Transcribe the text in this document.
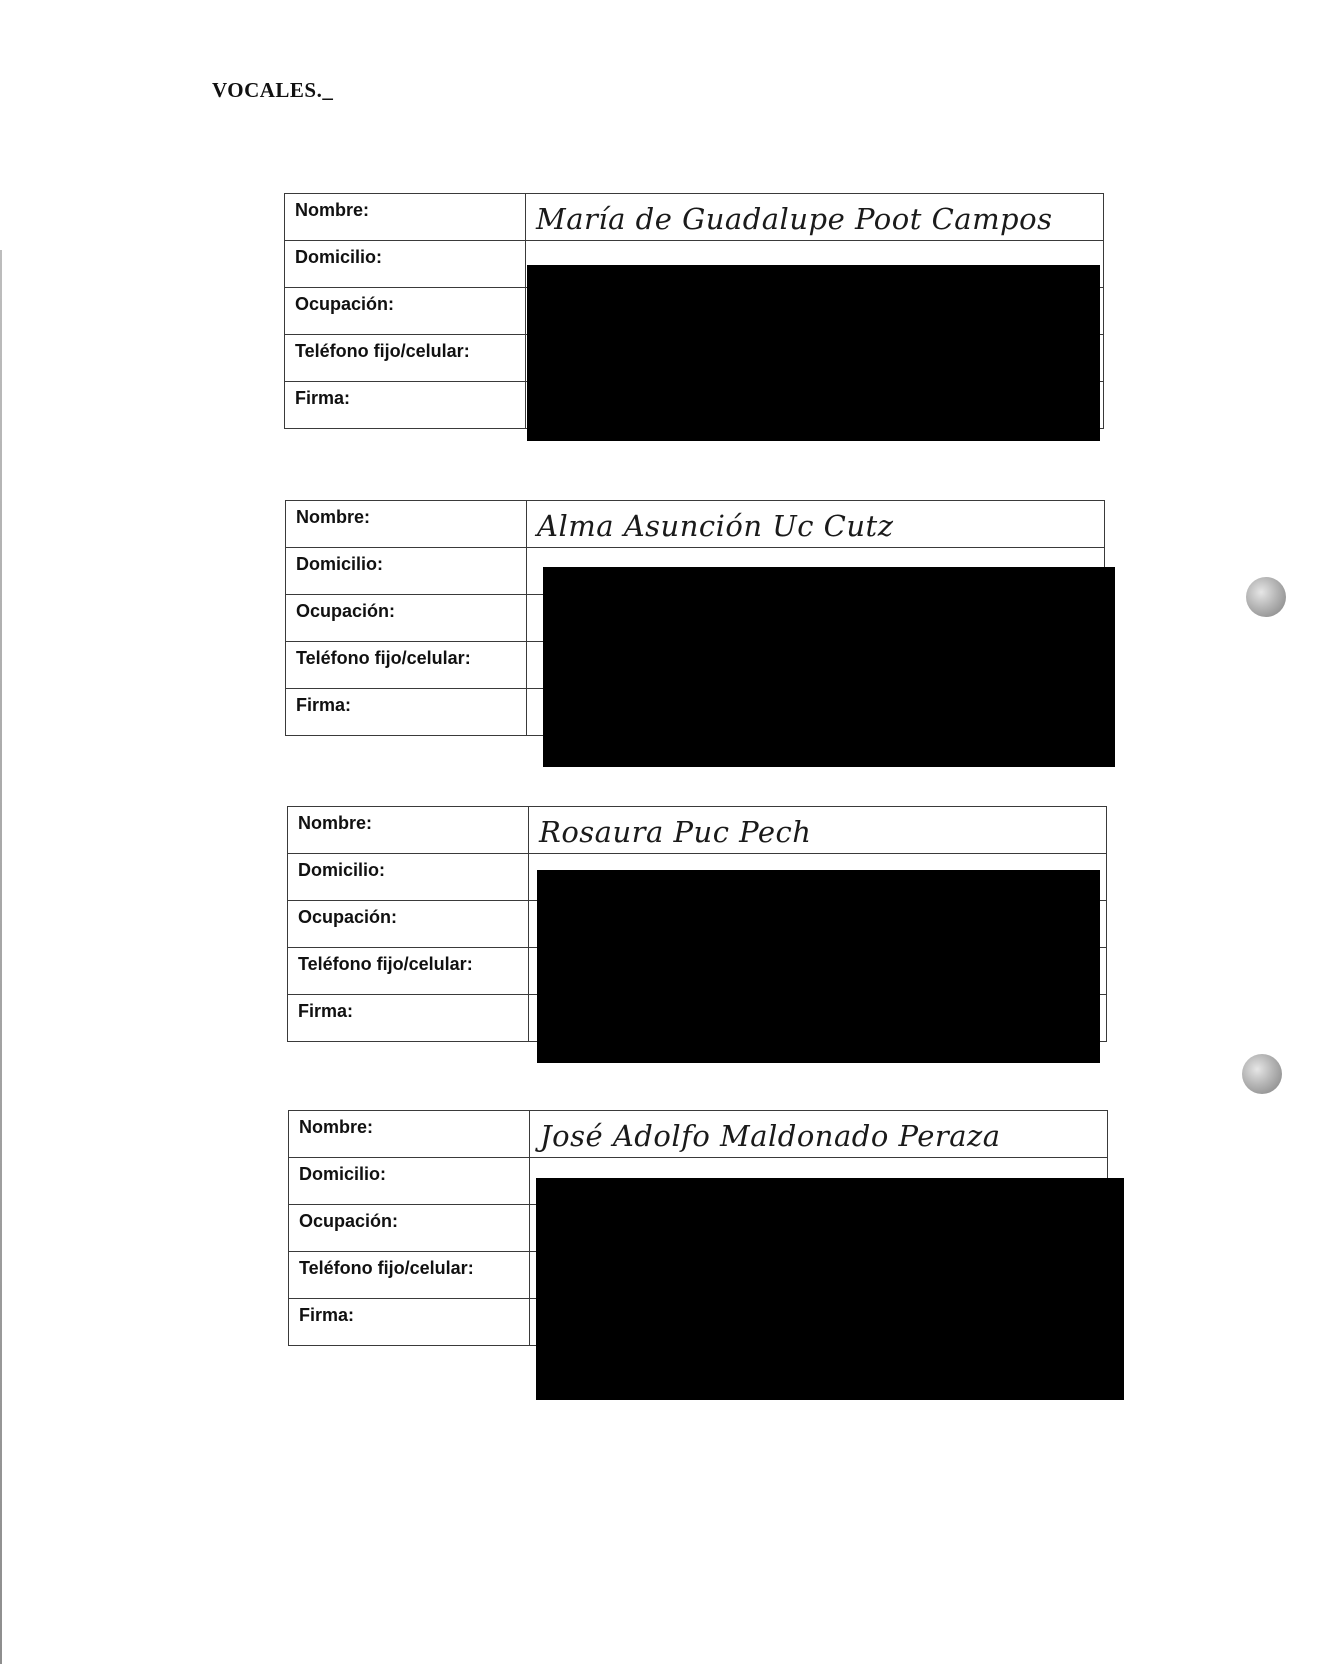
VOCALES._
Nombre:	María de Guadalupe Poot Campos

Domicilio:	

Ocupación:	

Teléfono fijo/celular:	

Firma:	

Nombre:	Alma Asunción Uc Cutz

Domicilio:	

Ocupación:	

Teléfono fijo/celular:	

Firma:	

Nombre:	Rosaura Puc Pech

Domicilio:	

Ocupación:	

Teléfono fijo/celular:	

Firma:	

Nombre:	José Adolfo Maldonado Peraza

Domicilio:	

Ocupación:	

Teléfono fijo/celular:	

Firma:	
